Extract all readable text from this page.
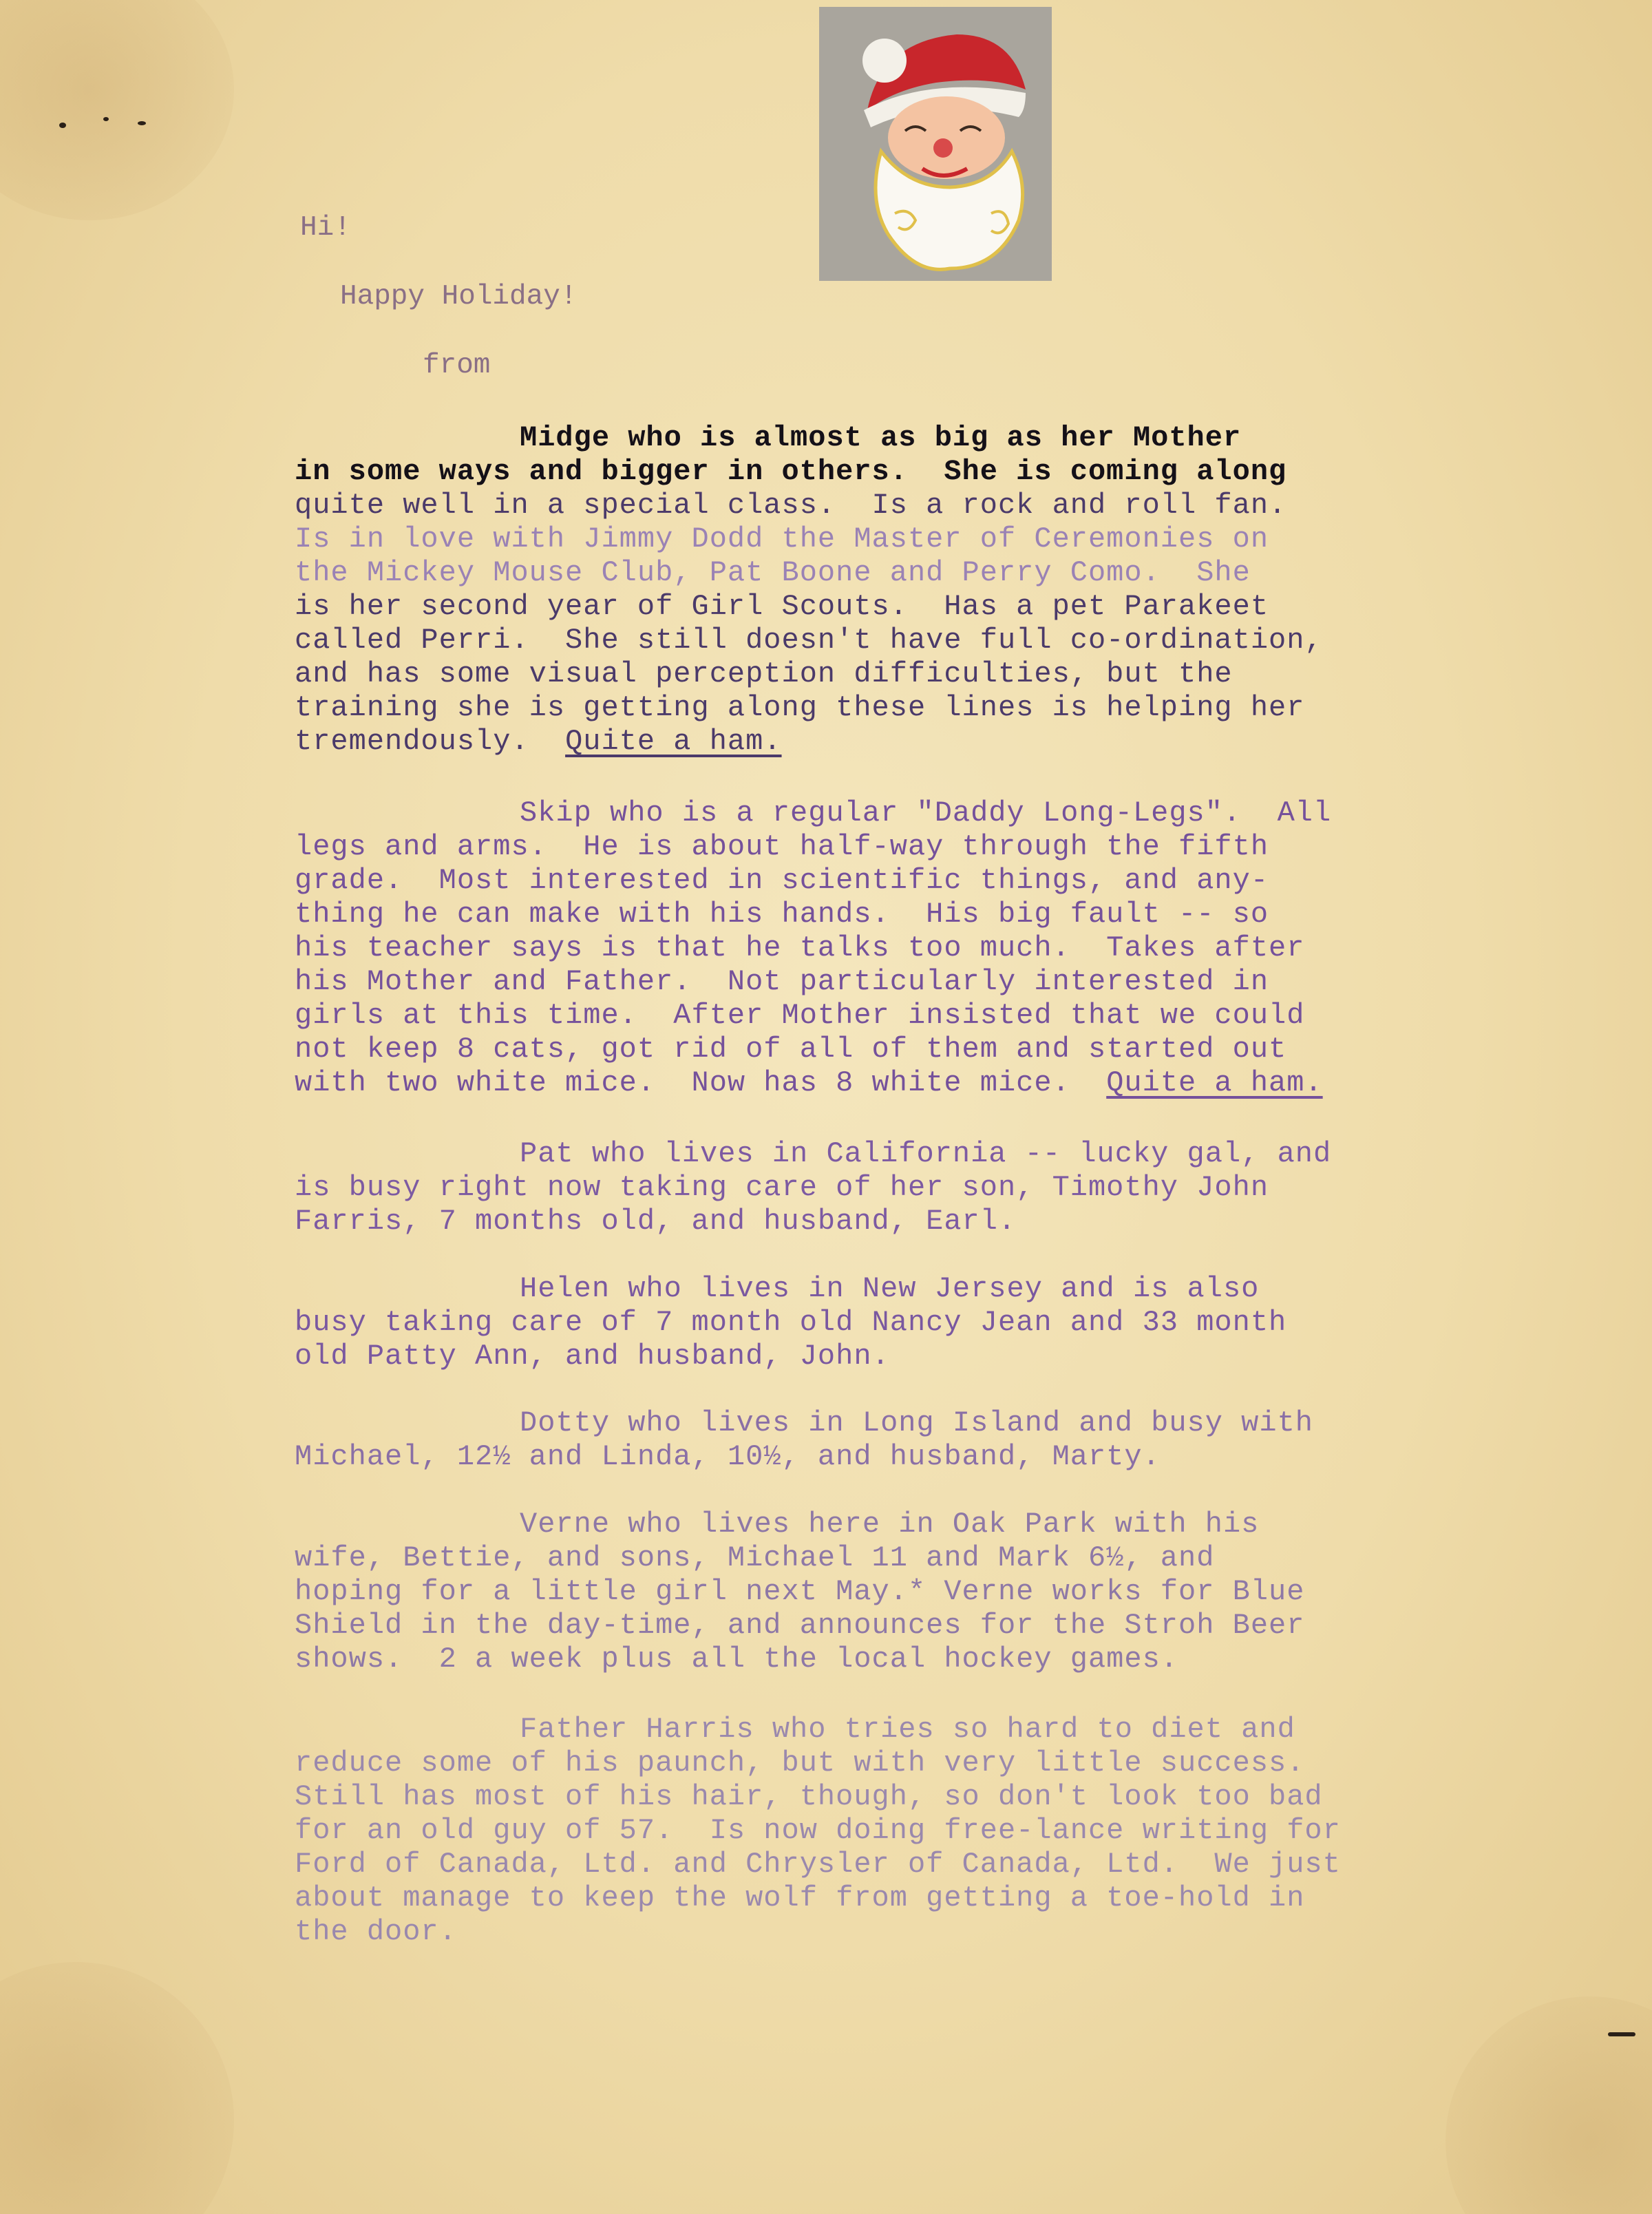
Hi!

Happy Holiday!

from

Midge who is almost as big as her Mother
in some ways and bigger in others.  She is coming along
quite well in a special class.  Is a rock and roll fan.
Is in love with Jimmy Dodd the Master of Ceremonies on
the Mickey Mouse Club, Pat Boone and Perry Como.  She
is her second year of Girl Scouts.  Has a pet Parakeet
called Perri.  She still doesn't have full co-ordination,
and has some visual perception difficulties, but the
training she is getting along these lines is helping her
tremendously. Quite a ham.
Skip who is a regular "Daddy Long-Legs".  All
legs and arms.  He is about half-way through the fifth
grade.  Most interested in scientific things, and any-
thing he can make with his hands.  His big fault -- so
his teacher says is that he talks too much.  Takes after
his Mother and Father.  Not particularly interested in
girls at this time.  After Mother insisted that we could
not keep 8 cats, got rid of all of them and started out
with two white mice.  Now has 8 white mice. Quite a ham.
Pat who lives in California -- lucky gal, and
is busy right now taking care of her son, Timothy John
Farris, 7 months old, and husband, Earl.
Helen who lives in New Jersey and is also
busy taking care of 7 month old Nancy Jean and 33 month
old Patty Ann, and husband, John.
Dotty who lives in Long Island and busy with
Michael, 12½ and Linda, 10½, and husband, Marty.
Verne who lives here in Oak Park with his
wife, Bettie, and sons, Michael 11 and Mark 6½, and
hoping for a little girl next May.* Verne works for Blue
Shield in the day-time, and announces for the Stroh Beer
shows.  2 a week plus all the local hockey games.
Father Harris who tries so hard to diet and
reduce some of his paunch, but with very little success.
Still has most of his hair, though, so don't look too bad
for an old guy of 57.  Is now doing free-lance writing for
Ford of Canada, Ltd. and Chrysler of Canada, Ltd.  We just
about manage to keep the wolf from getting a toe-hold in
the door.
